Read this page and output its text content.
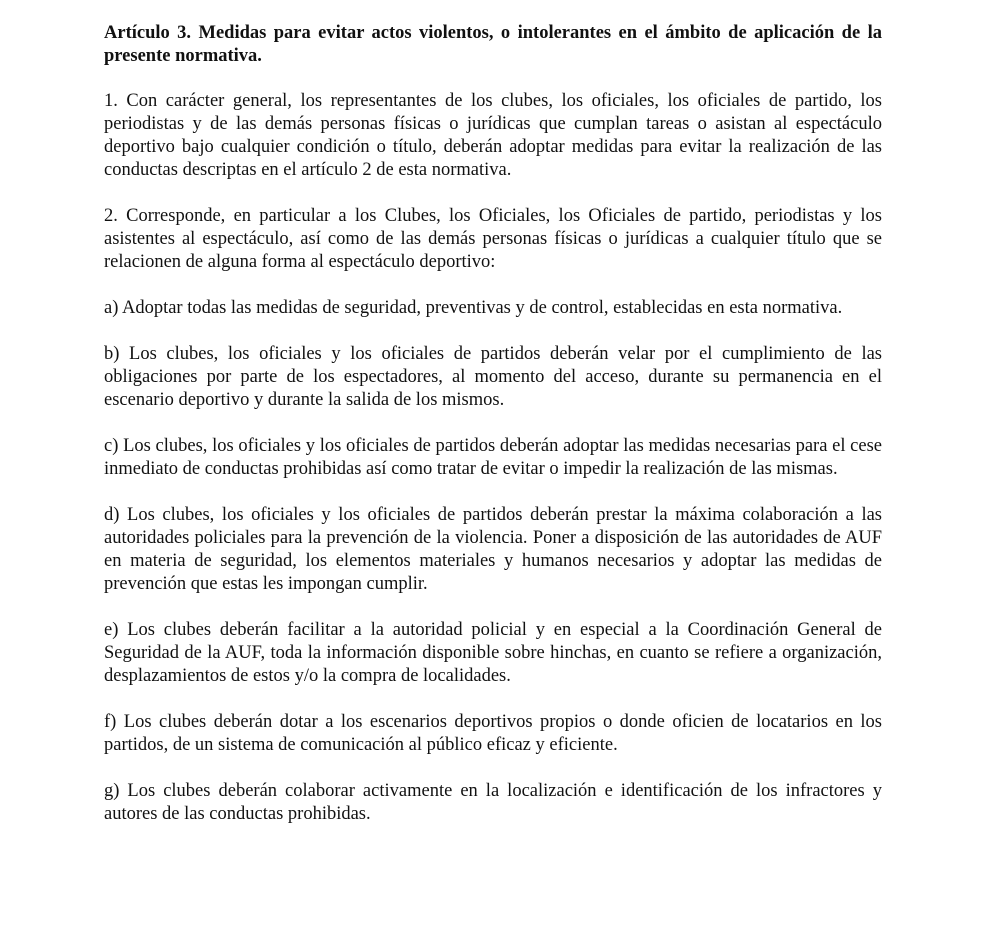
Artículo 3. Medidas para evitar actos violentos, o intolerantes en el ámbito de aplicación de la presente normativa.

1. Con carácter general, los representantes de los clubes, los oficiales, los oficiales de partido, los periodistas y de las demás personas físicas o jurídicas que cumplan tareas o asistan al espectáculo deportivo bajo cualquier condición o título, deberán adoptar medidas para evitar la realización de las conductas descriptas en el artículo 2 de esta normativa.

2. Corresponde, en particular a los Clubes, los Oficiales, los Oficiales de partido, periodistas y los asistentes al espectáculo, así como de las demás personas físicas o jurídicas a cualquier título que se relacionen de alguna forma al espectáculo deportivo:

a) Adoptar todas las medidas de seguridad, preventivas y de control, establecidas en esta normativa.

b) Los clubes, los oficiales y los oficiales de partidos deberán velar por el cumplimiento de las obligaciones por parte de los espectadores, al momento del acceso, durante su permanencia en el escenario deportivo y durante la salida de los mismos.

c) Los clubes, los oficiales y los oficiales de partidos deberán adoptar las medidas necesarias para el cese inmediato de conductas prohibidas así como tratar de evitar o impedir la realización de las mismas.

d) Los clubes, los oficiales y los oficiales de partidos deberán prestar la máxima colaboración a las autoridades policiales para la prevención de la violencia. Poner a disposición de las autoridades de AUF en materia de seguridad, los elementos materiales y humanos necesarios y adoptar las medidas de prevención que estas les impongan cumplir.

e) Los clubes deberán facilitar a la autoridad policial y en especial a la Coordinación General de Seguridad de la AUF, toda la información disponible sobre hinchas, en cuanto se refiere a organización, desplazamientos de estos y/o la compra de localidades.

f) Los clubes deberán dotar a los escenarios deportivos propios o donde oficien de locatarios en los partidos, de un sistema de comunicación al público eficaz y eficiente.

g) Los clubes deberán colaborar activamente en la localización e identificación de los infractores y autores de las conductas prohibidas.
